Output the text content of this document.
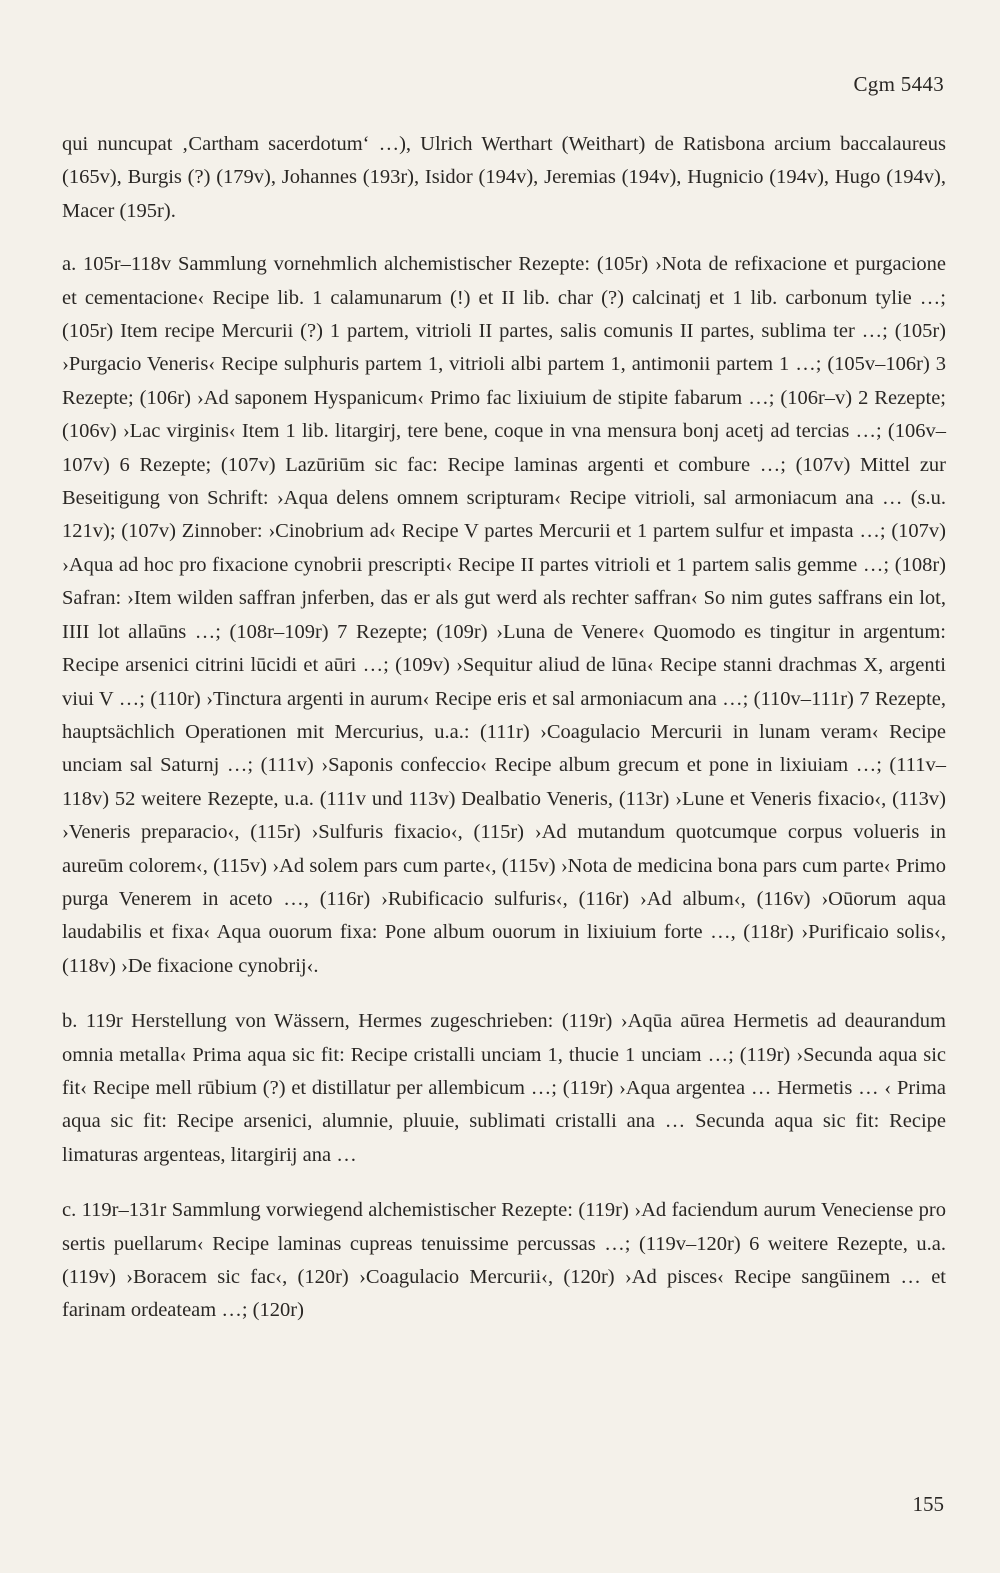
Cgm 5443

qui nuncupat ‚Cartham sacerdotum‘ …), Ulrich Werthart (Weithart) de Ratisbona arcium baccalaureus (165v), Burgis (?) (179v), Johannes (193r), Isidor (194v), Jeremias (194v), Hugnicio (194v), Hugo (194v), Macer (195r).

a. 105r–118v Sammlung vornehmlich alchemistischer Rezepte: (105r) ›Nota de refixacione et purgacione et cementacione‹ Recipe lib. 1 calamunarum (!) et II lib. char (?) calcinatj et 1 lib. carbonum tylie …; (105r) Item recipe Mercurii (?) 1 partem, vitrioli II partes, salis comunis II partes, sublima ter …; (105r) ›Purgacio Veneris‹ Recipe sulphuris partem 1, vitrioli albi partem 1, antimonii partem 1 …; (105v–106r) 3 Rezepte; (106r) ›Ad saponem Hyspanicum‹ Primo fac lixiuium de stipite fabarum …; (106r–v) 2 Rezepte; (106v) ›Lac virginis‹ Item 1 lib. litargirj, tere bene, coque in vna mensura bonj acetj ad tercias …; (106v–107v) 6 Rezepte; (107v) Lazūriūm sic fac: Recipe laminas argenti et combure …; (107v) Mittel zur Beseitigung von Schrift: ›Aqua delens omnem scripturam‹ Recipe vitrioli, sal armoniacum ana … (s.u. 121v); (107v) Zinnober: ›Cinobrium ad‹ Recipe V partes Mercurii et 1 partem sulfur et impasta …; (107v) ›Aqua ad hoc pro fixacione cynobrii prescripti‹ Recipe II partes vitrioli et 1 partem salis gemme …; (108r) Safran: ›Item wilden saffran jnferben, das er als gut werd als rechter saffran‹ So nim gutes saffrans ein lot, IIII lot allaūns …; (108r–109r) 7 Rezepte; (109r) ›Luna de Venere‹ Quomodo es tingitur in argentum: Recipe arsenici citrini lūcidi et aūri …; (109v) ›Sequitur aliud de lūna‹ Recipe stanni drachmas X, argenti viui V …; (110r) ›Tinctura argenti in aurum‹ Recipe eris et sal armoniacum ana …; (110v–111r) 7 Rezepte, hauptsächlich Operationen mit Mercurius, u.a.: (111r) ›Coagulacio Mercurii in lunam veram‹ Recipe unciam sal Saturnj …; (111v) ›Saponis confeccio‹ Recipe album grecum et pone in lixiuiam …; (111v–118v) 52 weitere Rezepte, u.a. (111v und 113v) Dealbatio Veneris, (113r) ›Lune et Veneris fixacio‹, (113v) ›Veneris preparacio‹, (115r) ›Sulfuris fixacio‹, (115r) ›Ad mutandum quotcumque corpus volueris in aureūm colorem‹, (115v) ›Ad solem pars cum parte‹, (115v) ›Nota de medicina bona pars cum parte‹ Primo purga Venerem in aceto …, (116r) ›Rubificacio sulfuris‹, (116r) ›Ad album‹, (116v) ›Oūorum aqua laudabilis et fixa‹ Aqua ouorum fixa: Pone album ouorum in lixiuium forte …, (118r) ›Purificaio solis‹, (118v) ›De fixacione cynobrij‹.

b. 119r Herstellung von Wässern, Hermes zugeschrieben: (119r) ›Aqūa aūrea Hermetis ad deaurandum omnia metalla‹ Prima aqua sic fit: Recipe cristalli unciam 1, thucie 1 unciam …; (119r) ›Secunda aqua sic fit‹ Recipe mell rūbium (?) et distillatur per allembicum …; (119r) ›Aqua argentea … Hermetis … ‹ Prima aqua sic fit: Recipe arsenici, alumnie, pluuie, sublimati cristalli ana … Secunda aqua sic fit: Recipe limaturas argenteas, litargirij ana …

c. 119r–131r Sammlung vorwiegend alchemistischer Rezepte: (119r) ›Ad faciendum aurum Veneciense pro sertis puellarum‹ Recipe laminas cupreas tenuissime percussas …; (119v–120r) 6 weitere Rezepte, u.a. (119v) ›Boracem sic fac‹, (120r) ›Coagulacio Mercurii‹, (120r) ›Ad pisces‹ Recipe sangūinem … et farinam ordeateam …; (120r)

155
